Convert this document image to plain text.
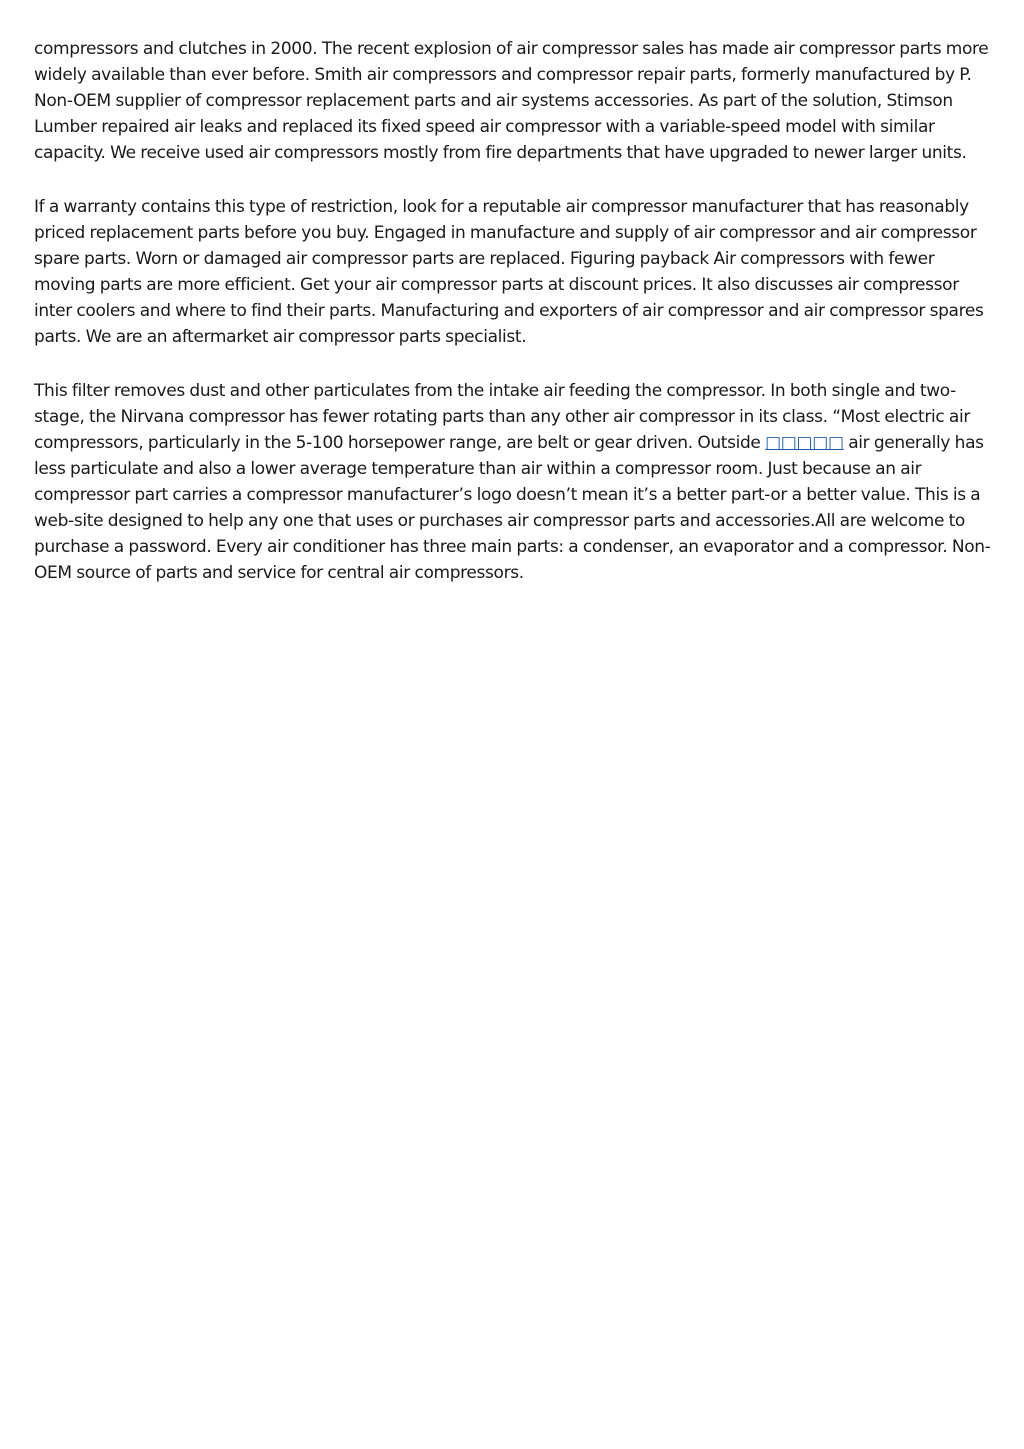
compressors and clutches in 2000. The recent explosion of air compressor sales has made air compressor parts more widely available than ever before. Smith air compressors and compressor repair parts, formerly manufactured by P. Non-OEM supplier of compressor replacement parts and air systems accessories. As part of the solution, Stimson Lumber repaired air leaks and replaced its fixed speed air compressor with a variable-speed model with similar capacity. We receive used air compressors mostly from fire departments that have upgraded to newer larger units.

If a warranty contains this type of restriction, look for a reputable air compressor manufacturer that has reasonably priced replacement parts before you buy. Engaged in manufacture and supply of air compressor and air compressor spare parts. Worn or damaged air compressor parts are replaced. Figuring payback Air compressors with fewer moving parts are more efficient. Get your air compressor parts at discount prices. It also discusses air compressor inter coolers and where to find their parts. Manufacturing and exporters of air compressor and air compressor spares parts. We are an aftermarket air compressor parts specialist.

This filter removes dust and other particulates from the intake air feeding the compressor. In both single and two-stage, the Nirvana compressor has fewer rotating parts than any other air compressor in its class. “Most electric air compressors, particularly in the 5-100 horsepower range, are belt or gear driven. Outside □□□□□ air generally has less particulate and also a lower average temperature than air within a compressor room. Just because an air compressor part carries a compressor manufacturer’s logo doesn’t mean it’s a better part-or a better value. This is a web-site designed to help any one that uses or purchases air compressor parts and accessories.All are welcome to purchase a password. Every air conditioner has three main parts: a condenser, an evaporator and a compressor. Non-OEM source of parts and service for central air compressors.
